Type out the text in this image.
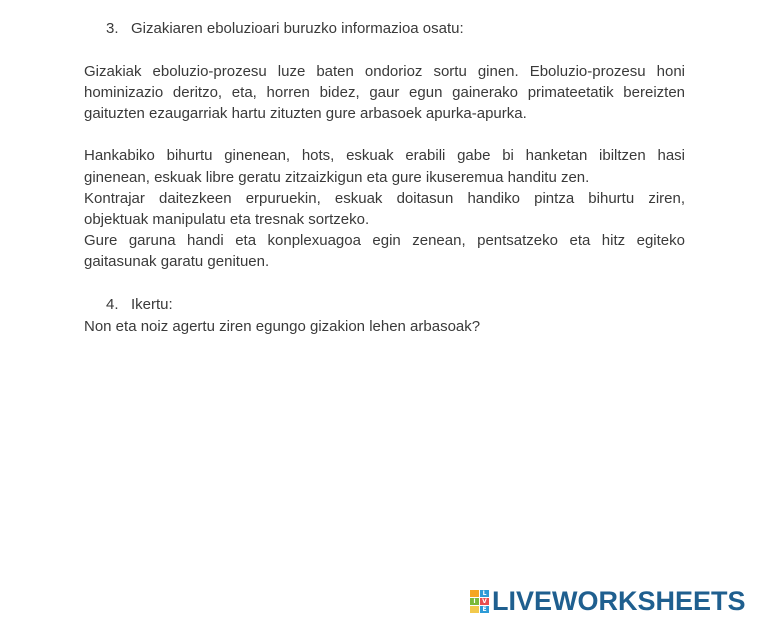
3. Gizakiaren eboluzioari buruzko informazioa osatu:
Gizakiak eboluzio-prozesu luze baten ondorioz sortu ginen. Eboluzio-prozesu honi
hominizazio deritzo, eta, horren bidez, gaur egun gainerako primateetatik bereizten
gaituzten ezaugarriak hartu zituzten gure arbasoek apurka-apurka.
Hankabiko bihurtu ginenean, hots, eskuak erabili gabe bi hanketan ibiltzen hasi
ginenean, eskuak libre geratu zitzaizkigun eta gure ikuseremua handitu zen.
Kontrajar daitezkeen erpuruekin, eskuak doitasun handiko pintza bihurtu ziren,
objektuak manipulatu eta tresnak sortzeko.
Gure garuna handi eta konplexuagoa egin zenean, pentsatzeko eta hitz egiteko
gaitasunak garatu genituen.
4. Ikertu:
Non eta noiz agertu ziren egungo gizakion lehen arbasoak?
L
I	V
E LIVEWORKSHEETS
